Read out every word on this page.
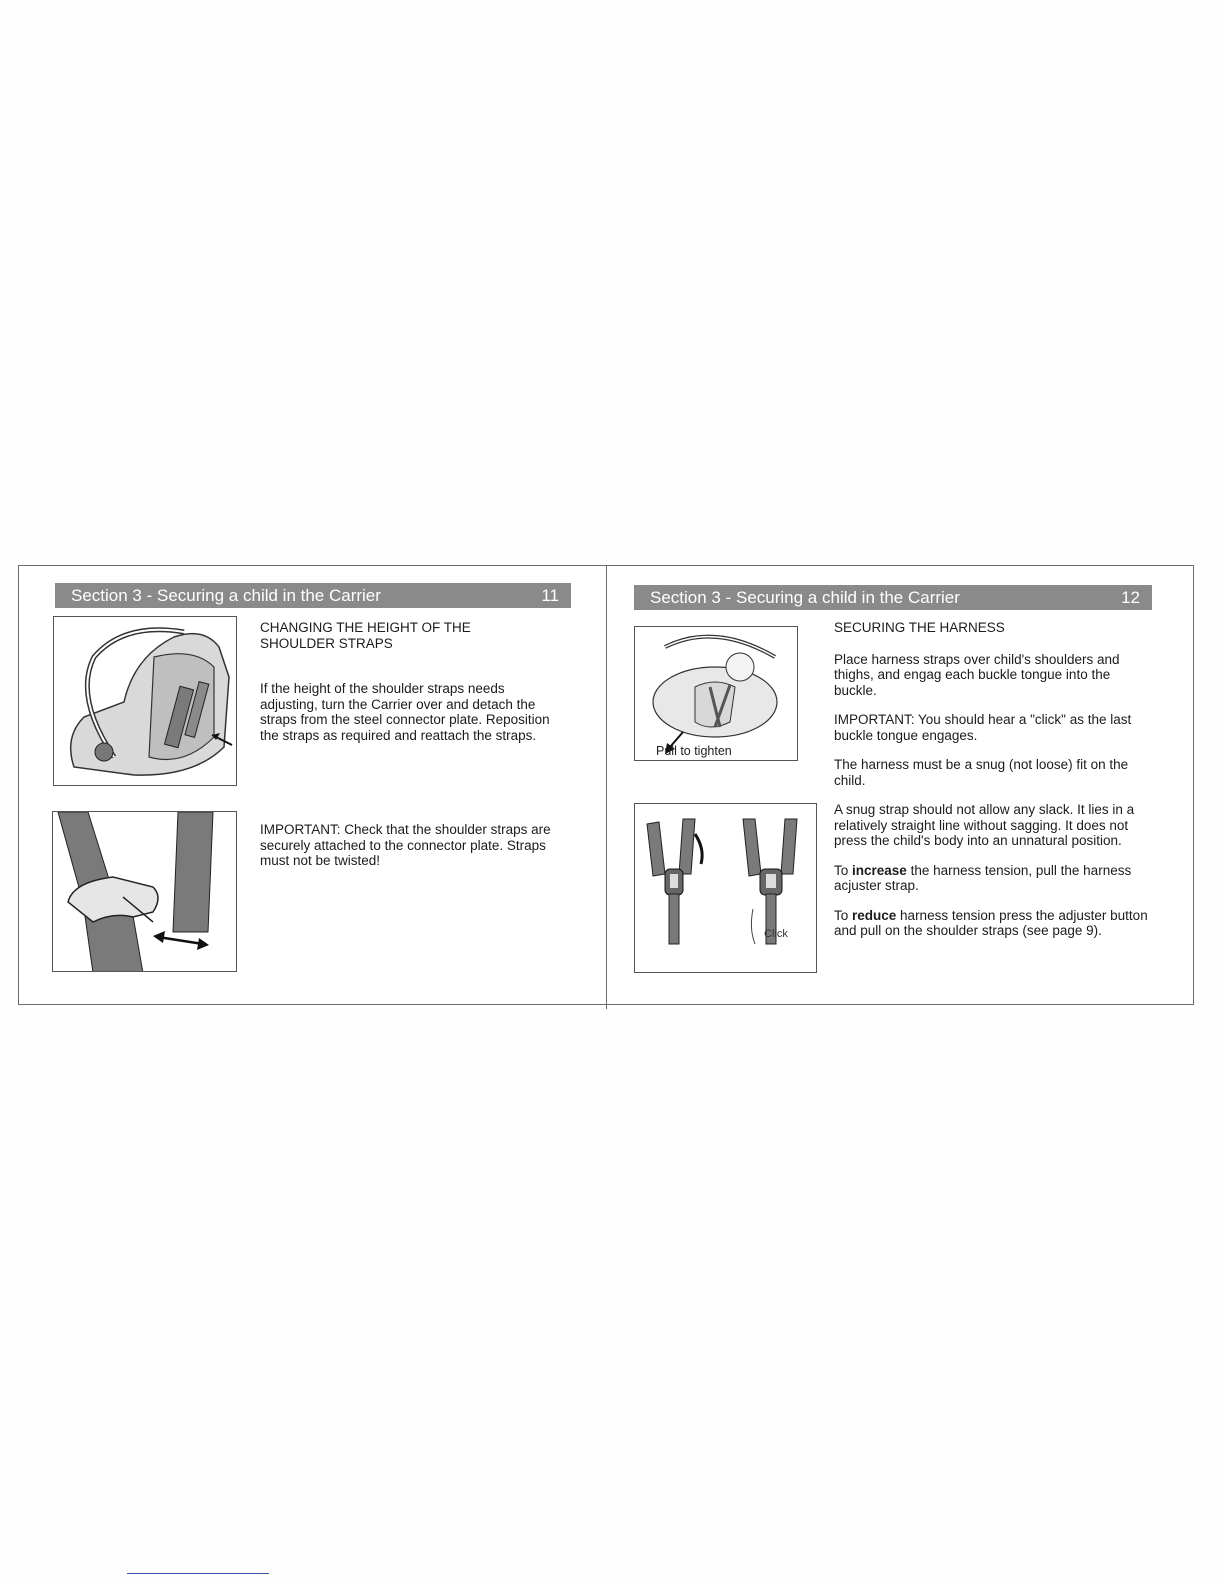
Section 3 - Securing a child in the Carrier	11

CHANGING THE HEIGHT OF THE SHOULDER STRAPS

If the height of the shoulder straps needs adjusting, turn the Carrier over and detach the straps from the steel connector plate. Reposition the straps as required and reattach the straps.

IMPORTANT: Check that the shoulder straps are securely attached to the connector plate. Straps must not be twisted!

Section 3 - Securing a child in the Carrier	12
Pull to tighten
Click

SECURING THE HARNESS

Place harness straps over child's shoulders and thighs, and engag each buckle tongue into the buckle.

IMPORTANT: You should hear a "click" as the last buckle tongue engages.

The harness must be a snug (not loose) fit on the child.

A snug strap should not allow any slack. It lies in a relatively straight line without sagging. It does not press the child's body into an unnatural position.

To increase the harness tension, pull the harness acjuster strap.

To reduce harness tension press the adjuster button and pull on the shoulder straps (see page 9).
